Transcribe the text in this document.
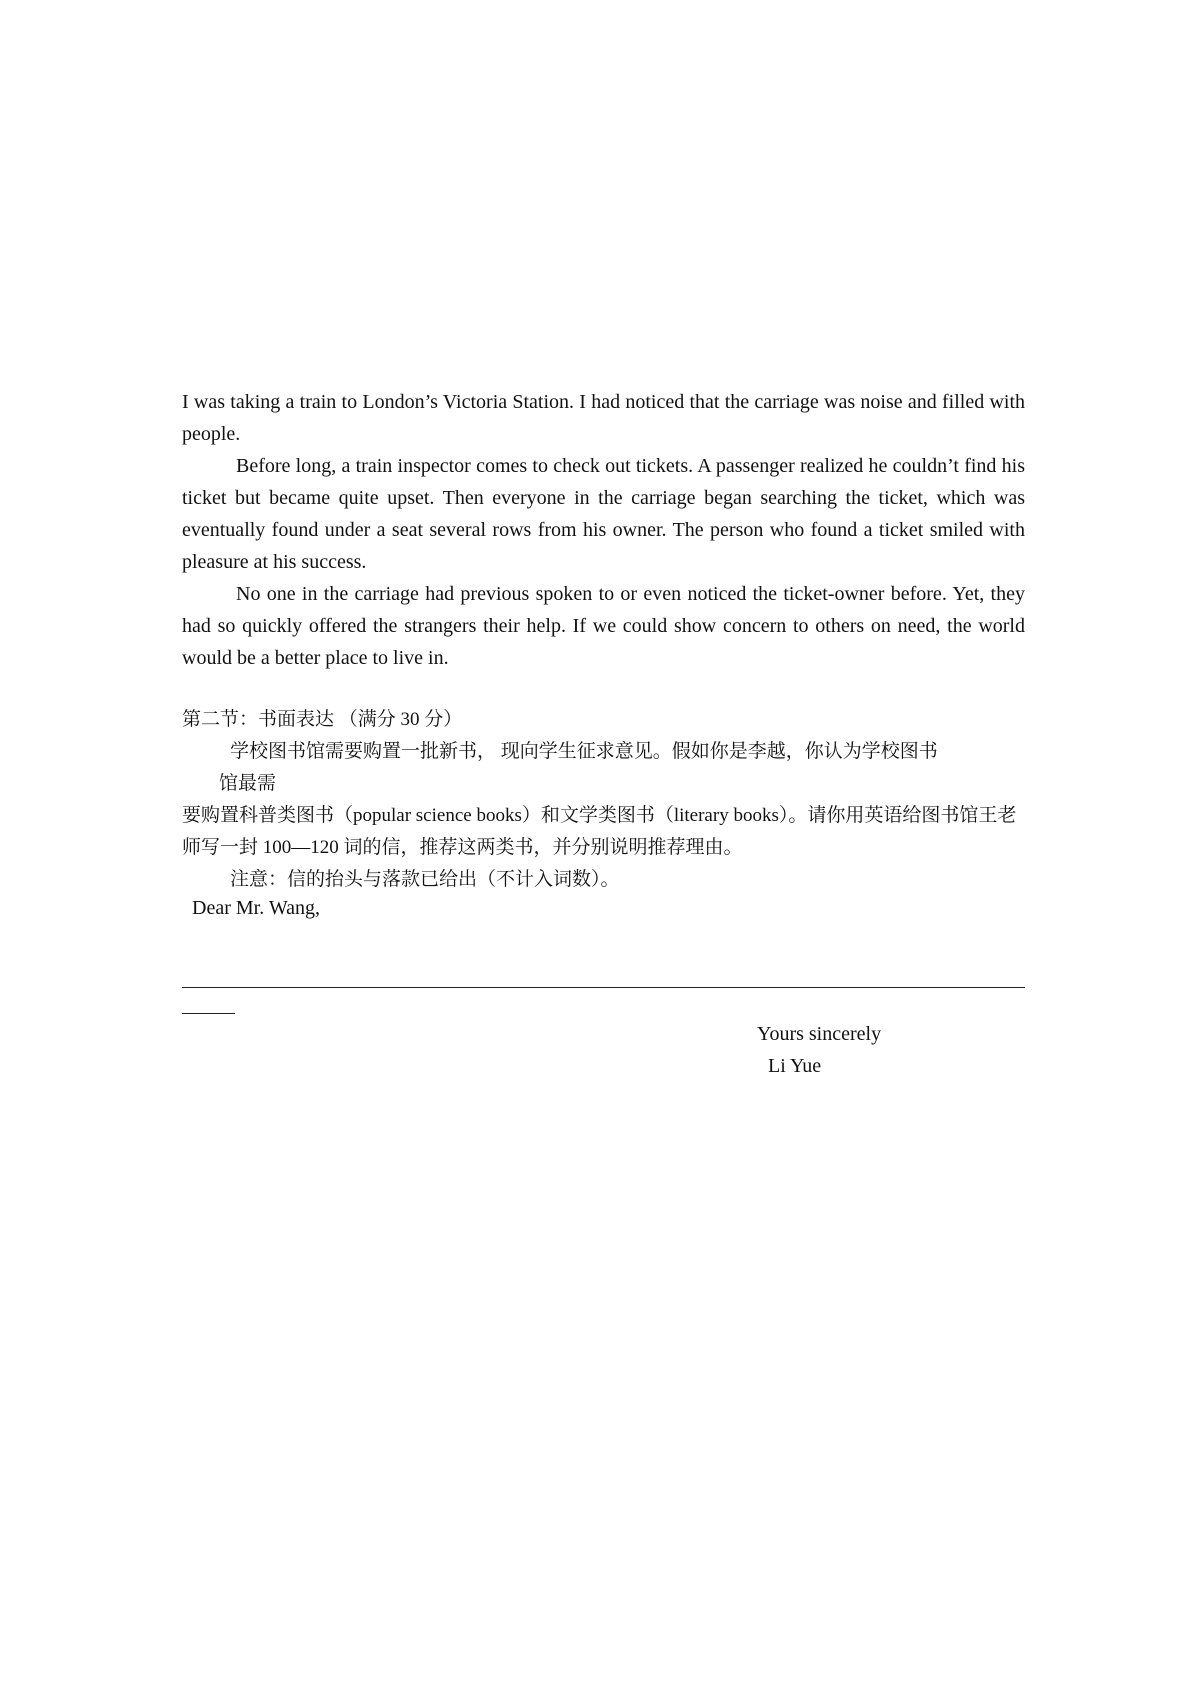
I was taking a train to London’s Victoria Station. I had noticed that the carriage was noise and filled with people.

Before long, a train inspector comes to check out tickets. A passenger realized he couldn’t find his ticket but became quite upset. Then everyone in the carriage began searching the ticket, which was eventually found under a seat several rows from his owner. The person who found a ticket smiled with pleasure at his success.

No one in the carriage had previous spoken to or even noticed the ticket-owner before. Yet, they had so quickly offered the strangers their help. If we could show concern to others on need, the world would be a better place to live in.

第二节：书面表达 （满分 30 分）

学校图书馆需要购置一批新书， 现向学生征求意见。假如你是李越，你认为学校图书

馆最需

要购置科普类图书（popular science books）和文学类图书（literary books）。请你用英语给图书馆王老师写一封 100—120 词的信，推荐这两类书，并分别说明推荐理由。

注意：信的抬头与落款已给出（不计入词数）。

Dear Mr. Wang,

Yours sincerely

Li Yue
